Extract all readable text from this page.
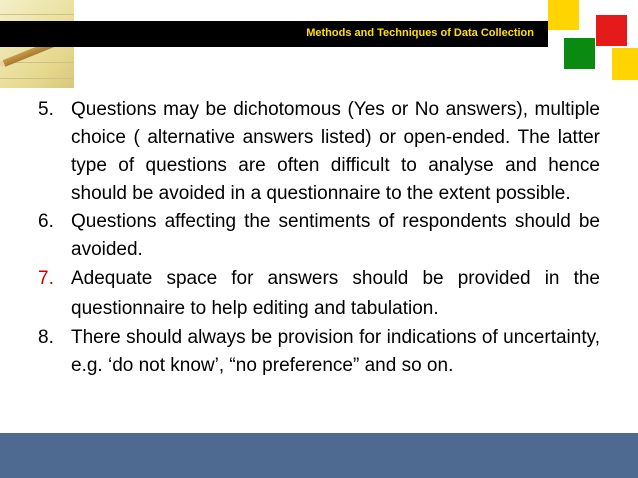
Methods and Techniques of Data Collection
5. Questions may be dichotomous (Yes or No answers), multiple choice ( alternative answers listed) or open-ended. The latter type of questions are often difficult to analyse and hence should be avoided in a questionnaire to the extent possible.
6. Questions affecting the sentiments of respondents should be avoided.
7. Adequate space for answers should be provided in the questionnaire to help editing and tabulation.
8. There should always be provision for indications of uncertainty, e.g. ‘do not know’, “no preference” and so on.
